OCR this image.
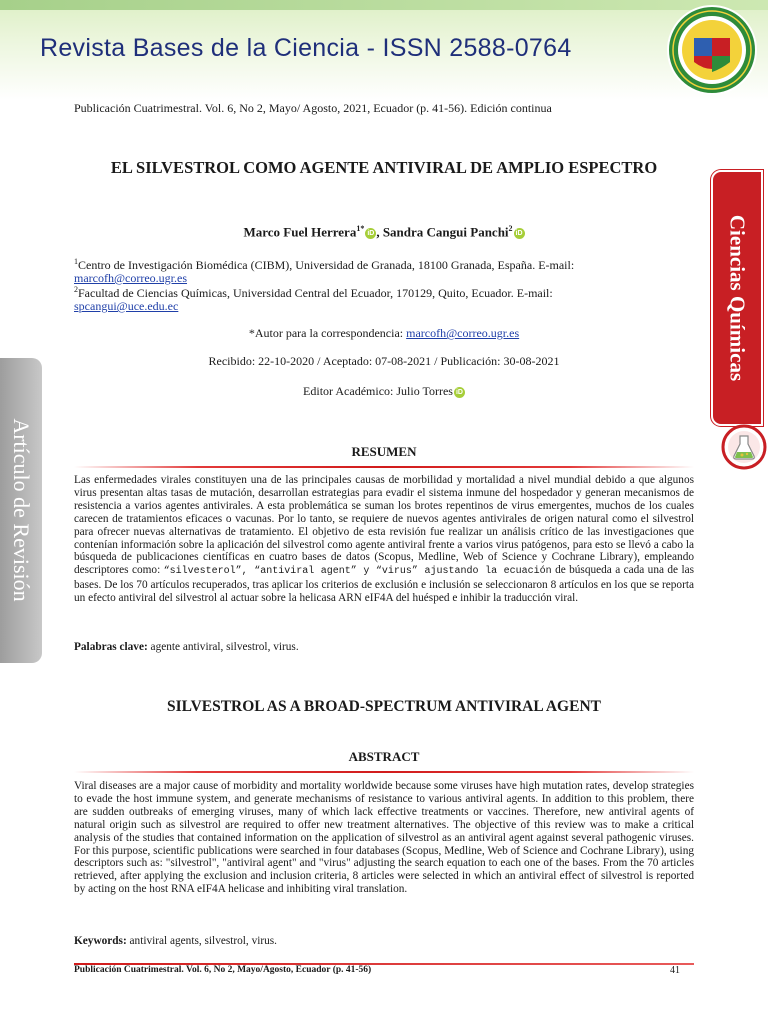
Revista Bases de la Ciencia - ISSN 2588-0764
Publicación Cuatrimestral. Vol. 6, No 2, Mayo/ Agosto, 2021, Ecuador (p. 41-56). Edición continua
EL SILVESTROL COMO AGENTE ANTIVIRAL DE AMPLIO ESPECTRO
Marco Fuel Herrera$^{1*}$iD , Sandra Cangui Panchi$^2$iD
$^1$Centro de Investigación Biomédica (CIBM), Universidad de Granada, 18100 Granada, España. E-mail: marcofh@correo.ugr.es
$^2$Facultad de Ciencias Químicas, Universidad Central del Ecuador, 170129, Quito, Ecuador. E-mail: spcangui@uce.edu.ec
*Autor para la correspondencia: marcofh@correo.ugr.es
Recibido: 22-10-2020 / Aceptado: 07-08-2021 / Publicación: 30-08-2021
Editor Académico: Julio Torres iD
RESUMEN
Las enfermedades virales constituyen una de las principales causas de morbilidad y mortalidad a nivel mundial debido a que algunos virus presentan altas tasas de mutación, desarrollan estrategias para evadir el sistema inmune del hospedador y generan mecanismos de resistencia a varios agentes antivirales. A esta problemática se suman los brotes repentinos de virus emergentes, muchos de los cuales carecen de tratamientos eficaces o vacunas. Por lo tanto, se requiere de nuevos agentes antivirales de origen natural como el silvestrol para ofrecer nuevas alternativas de tratamiento. El objetivo de esta revisión fue realizar un análisis crítico de las investigaciones que contenían información sobre la aplicación del silvestrol como agente antiviral frente a varios virus patógenos, para esto se llevó a cabo la búsqueda de publicaciones científicas en cuatro bases de datos (Scopus, Medline, Web of Science y Cochrane Library), empleando descriptores como: “silvesterol”, “antiviral agent” y “virus” ajustando la ecuación de búsqueda a cada una de las bases. De los 70 artículos recuperados, tras aplicar los criterios de exclusión e inclusión se seleccionaron 8 artículos en los que se reporta un efecto antiviral del silvestrol al actuar sobre la helicasa ARN eIF4A del huésped e inhibir la traducción viral.
Palabras clave: agente antiviral, silvestrol, virus.
SILVESTROL AS A BROAD-SPECTRUM ANTIVIRAL AGENT
ABSTRACT
Viral diseases are a major cause of morbidity and mortality worldwide because some viruses have high mutation rates, develop strategies to evade the host immune system, and generate mechanisms of resistance to various antiviral agents. In addition to this problem, there are sudden outbreaks of emerging viruses, many of which lack effective treatments or vaccines. Therefore, new antiviral agents of natural origin such as silvestrol are required to offer new treatment alternatives. The objective of this review was to make a critical analysis of the studies that contained information on the application of silvestrol as an antiviral agent against several pathogenic viruses. For this purpose, scientific publications were searched in four databases (Scopus, Medline, Web of Science and Cochrane Library), using descriptors such as: "silvestrol", "antiviral agent" and "virus" adjusting the search equation to each one of the bases. From the 70 articles retrieved, after applying the exclusion and inclusion criteria, 8 articles were selected in which an antiviral effect of silvestrol is reported by acting on the host RNA eIF4A helicase and inhibiting viral translation.
Keywords: antiviral agents, silvestrol, virus.
Publicación Cuatrimestral. Vol. 6, No 2, Mayo/Agosto, Ecuador (p. 41-56)	41
Ciencias Químicas
Artículo de Revisión
